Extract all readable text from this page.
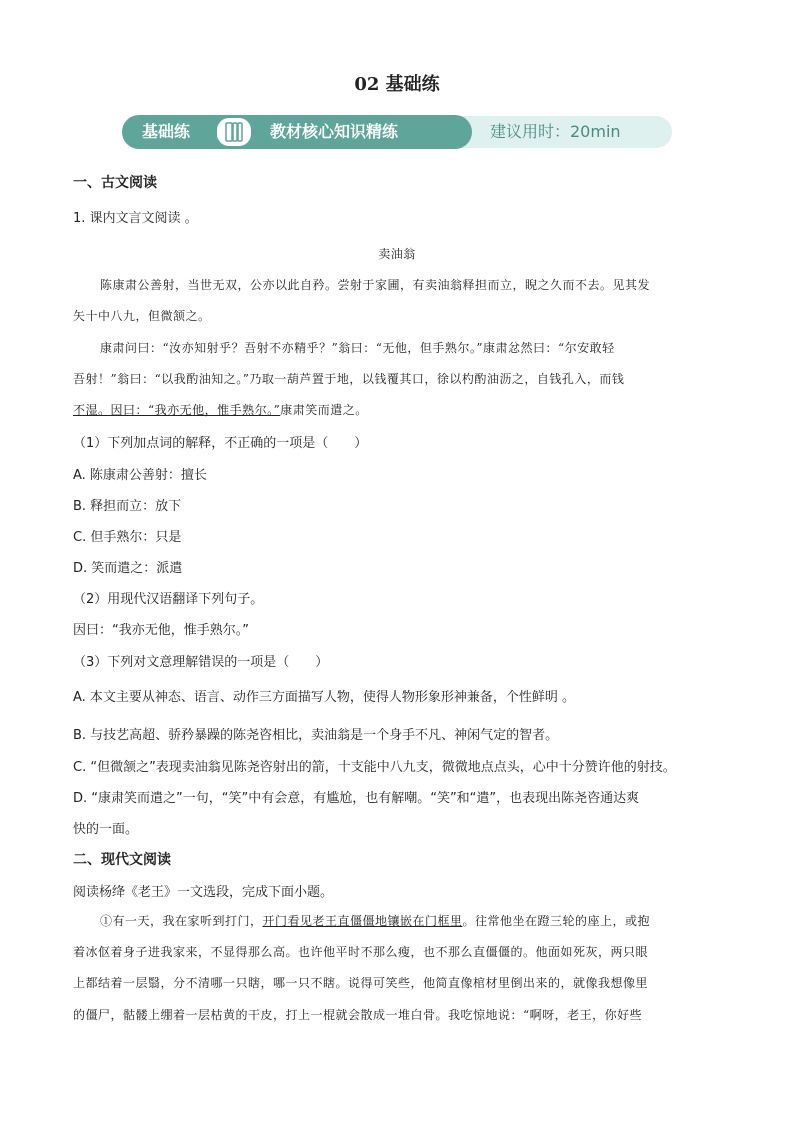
02 基础练
基础练	教材核心知识精练	建议用时：20min
一、古文阅读
1. 课内文言文阅读 。
卖油翁
陈康肃公善射，当世无双，公亦以此自矜。尝射于家圃，有卖油翁释担而立，睨之久而不去。见其发
矢十中八九，但微颔之。
康肃问曰：“汝亦知射乎？吾射不亦精乎？”翁曰：“无他，但手熟尔。”康肃忿然曰：“尔安敢轻
吾射！”翁曰：“以我酌油知之。”乃取一葫芦置于地，以钱覆其口，徐以杓酌油沥之，自钱孔入，而钱
不湿。因曰：“我亦无他，惟手熟尔。”康肃笑而遣之。
（1）下列加点词的解释，不正确的一项是（　　）
A. 陈康肃公善射：擅长
B. 释担而立：放下
C. 但手熟尔：只是
D. 笑而遣之：派遣
（2）用现代汉语翻译下列句子。
因曰：“我亦无他，惟手熟尔。”
（3）下列对文意理解错误的一项是（　　）
A. 本文主要从神态、语言、动作三方面描写人物，使得人物形象形神兼备，个性鲜明 。
B. 与技艺高超、骄矜暴躁的陈尧咨相比，卖油翁是一个身手不凡、神闲气定的智者。
C. “但微颔之”表现卖油翁见陈尧咨射出的箭，十支能中八九支，微微地点点头，心中十分赞许他的射技。
D. “康肃笑而遣之”一句，“笑”中有会意，有尴尬，也有解嘲。“笑”和“遣”，也表现出陈尧咨通达爽
快的一面。
二、现代文阅读
阅读杨绛《老王》一文选段，完成下面小题。
①有一天，我在家听到打门，开门看见老王直僵僵地镶嵌在门框里。往常他坐在蹬三轮的座上，或抱
着冰伛着身子进我家来，不显得那么高。也许他平时不那么瘦，也不那么直僵僵的。他面如死灰，两只眼
上都结着一层翳，分不清哪一只瞎，哪一只不瞎。说得可笑些，他简直像棺材里倒出来的，就像我想像里
的僵尸，骷髅上绷着一层枯黄的干皮，打上一棍就会散成一堆白骨。我吃惊地说：“啊呀，老王，你好些
